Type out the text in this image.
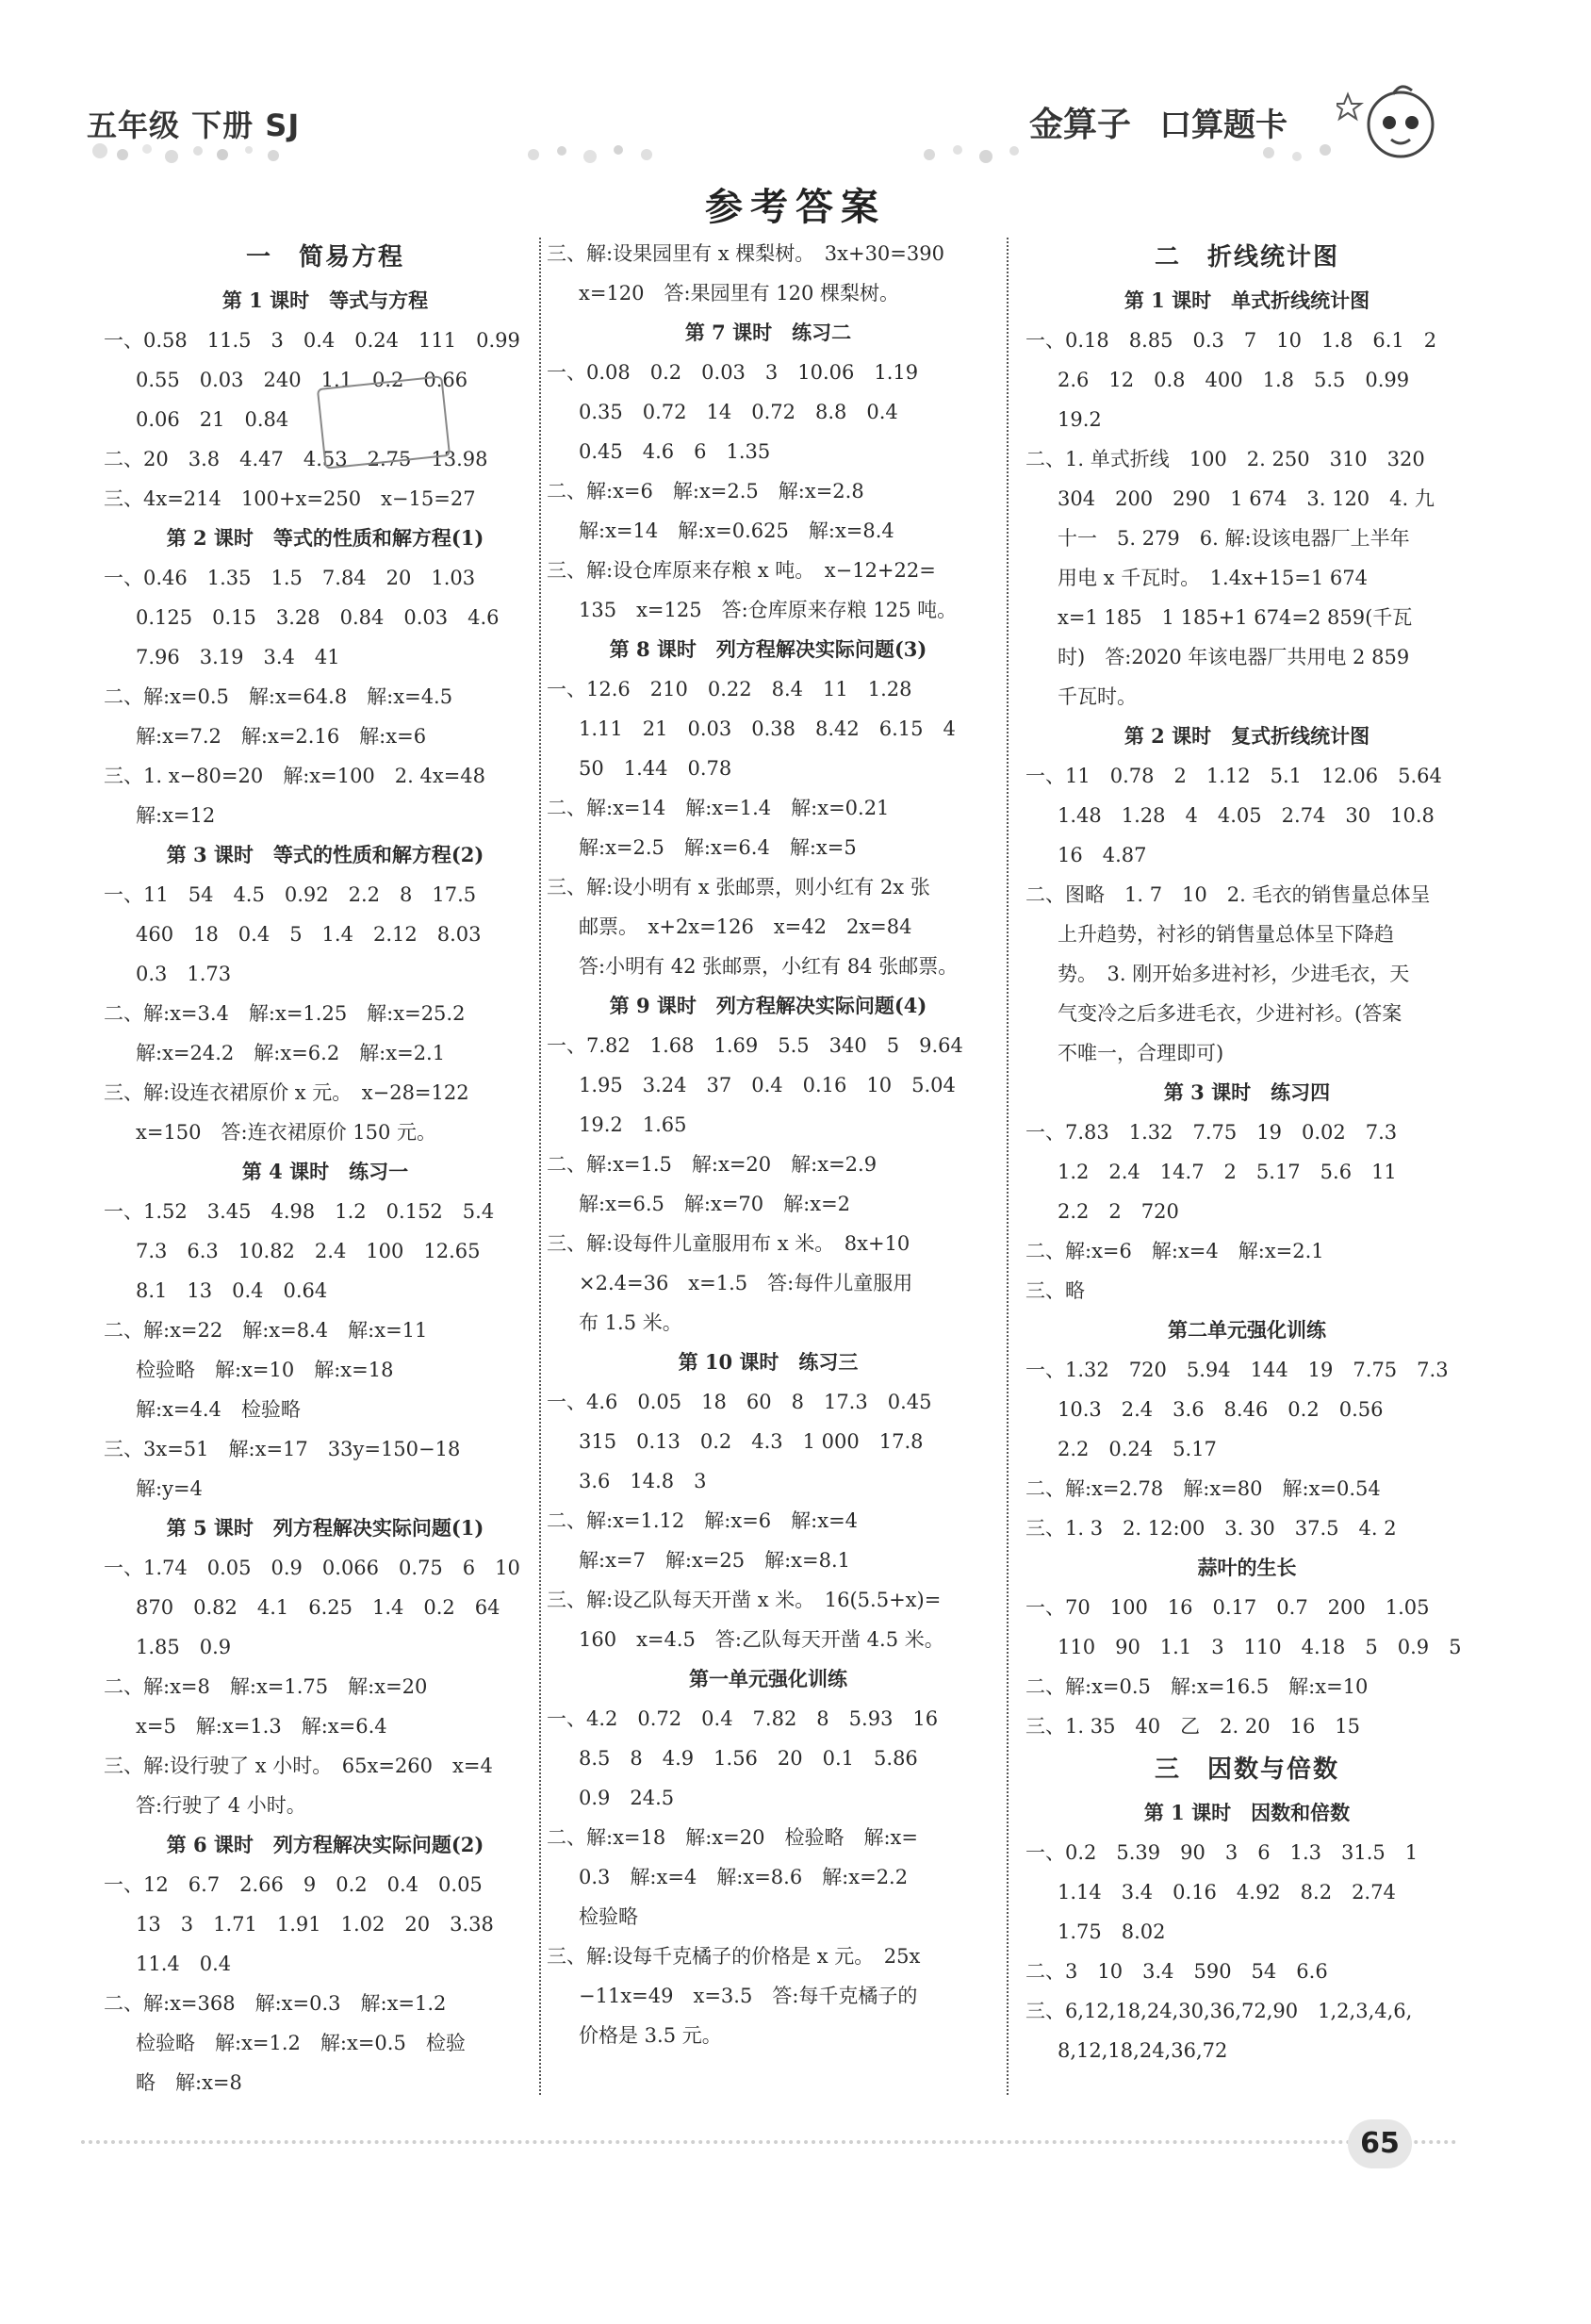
五年级 下册 SJ	金算子 口算题卡
参考答案
一　简易方程
第 1 课时　等式与方程
一、0.58　11.5　3　0.4　0.24　111　0.99
0.55　0.03　240　1.1　0.2　0.66
0.06　21　0.84
二、20　3.8　4.47　4.53　2.75　13.98
三、4x=214　100+x=250　x−15=27
第 2 课时　等式的性质和解方程(1)
一、0.46　1.35　1.5　7.84　20　1.03
0.125　0.15　3.28　0.84　0.03　4.6
7.96　3.19　3.4　41
二、解:x=0.5　解:x=64.8　解:x=4.5
解:x=7.2　解:x=2.16　解:x=6
三、1. x−80=20　解:x=100　2. 4x=48
解:x=12
第 3 课时　等式的性质和解方程(2)
一、11　54　4.5　0.92　2.2　8　17.5
460　18　0.4　5　1.4　2.12　8.03
0.3　1.73
二、解:x=3.4　解:x=1.25　解:x=25.2
解:x=24.2　解:x=6.2　解:x=2.1
三、解:设连衣裙原价 x 元。　x−28=122
x=150　答:连衣裙原价 150 元。
第 4 课时　练习一
一、1.52　3.45　4.98　1.2　0.152　5.4
7.3　6.3　10.82　2.4　100　12.65
8.1　13　0.4　0.64
二、解:x=22　解:x=8.4　解:x=11
检验略　解:x=10　解:x=18
解:x=4.4　检验略
三、3x=51　解:x=17　33y=150−18
解:y=4
第 5 课时　列方程解决实际问题(1)
一、1.74　0.05　0.9　0.066　0.75　6　10
870　0.82　4.1　6.25　1.4　0.2　64
1.85　0.9
二、解:x=8　解:x=1.75　解:x=20
x=5　解:x=1.3　解:x=6.4
三、解:设行驶了 x 小时。　65x=260　x=4
答:行驶了 4 小时。
第 6 课时　列方程解决实际问题(2)
一、12　6.7　2.66　9　0.2　0.4　0.05
13　3　1.71　1.91　1.02　20　3.38
11.4　0.4
二、解:x=368　解:x=0.3　解:x=1.2
检验略　解:x=1.2　解:x=0.5　检验
略　解:x=8
三、解:设果园里有 x 棵梨树。　3x+30=390
x=120　答:果园里有 120 棵梨树。
第 7 课时　练习二
一、0.08　0.2　0.03　3　10.06　1.19
0.35　0.72　14　0.72　8.8　0.4
0.45　4.6　6　1.35
二、解:x=6　解:x=2.5　解:x=2.8
解:x=14　解:x=0.625　解:x=8.4
三、解:设仓库原来存粮 x 吨。　x−12+22=
135　x=125　答:仓库原来存粮 125 吨。
第 8 课时　列方程解决实际问题(3)
一、12.6　210　0.22　8.4　11　1.28
1.11　21　0.03　0.38　8.42　6.15　4
50　1.44　0.78
二、解:x=14　解:x=1.4　解:x=0.21
解:x=2.5　解:x=6.4　解:x=5
三、解:设小明有 x 张邮票，则小红有 2x 张
邮票。　x+2x=126　x=42　2x=84
答:小明有 42 张邮票，小红有 84 张邮票。
第 9 课时　列方程解决实际问题(4)
一、7.82　1.68　1.69　5.5　340　5　9.64
1.95　3.24　37　0.4　0.16　10　5.04
19.2　1.65
二、解:x=1.5　解:x=20　解:x=2.9
解:x=6.5　解:x=70　解:x=2
三、解:设每件儿童服用布 x 米。　8x+10
×2.4=36　x=1.5　答:每件儿童服用
布 1.5 米。
第 10 课时　练习三
一、4.6　0.05　18　60　8　17.3　0.45
315　0.13　0.2　4.3　1 000　17.8
3.6　14.8　3
二、解:x=1.12　解:x=6　解:x=4
解:x=7　解:x=25　解:x=8.1
三、解:设乙队每天开凿 x 米。　16(5.5+x)=
160　x=4.5　答:乙队每天开凿 4.5 米。
第一单元强化训练
一、4.2　0.72　0.4　7.82　8　5.93　16
8.5　8　4.9　1.56　20　0.1　5.86
0.9　24.5
二、解:x=18　解:x=20　检验略　解:x=
0.3　解:x=4　解:x=8.6　解:x=2.2
检验略
三、解:设每千克橘子的价格是 x 元。　25x
−11x=49　x=3.5　答:每千克橘子的
价格是 3.5 元。
二　折线统计图
第 1 课时　单式折线统计图
一、0.18　8.85　0.3　7　10　1.8　6.1　2
2.6　12　0.8　400　1.8　5.5　0.99
19.2
二、1. 单式折线　100　2. 250　310　320
304　200　290　1 674　3. 120　4. 九
十一　5. 279　6. 解:设该电器厂上半年
用电 x 千瓦时。　1.4x+15=1 674
x=1 185　1 185+1 674=2 859(千瓦
时)　答:2020 年该电器厂共用电 2 859
千瓦时。
第 2 课时　复式折线统计图
一、11　0.78　2　1.12　5.1　12.06　5.64
1.48　1.28　4　4.05　2.74　30　10.8
16　4.87
二、图略　1. 7　10　2. 毛衣的销售量总体呈
上升趋势，衬衫的销售量总体呈下降趋
势。　3. 刚开始多进衬衫，少进毛衣，天
气变冷之后多进毛衣，少进衬衫。(答案
不唯一，合理即可)
第 3 课时　练习四
一、7.83　1.32　7.75　19　0.02　7.3
1.2　2.4　14.7　2　5.17　5.6　11
2.2　2　720
二、解:x=6　解:x=4　解:x=2.1
三、略
第二单元强化训练
一、1.32　720　5.94　144　19　7.75　7.3
10.3　2.4　3.6　8.46　0.2　0.56
2.2　0.24　5.17
二、解:x=2.78　解:x=80　解:x=0.54
三、1. 3　2. 12:00　3. 30　37.5　4. 2
蒜叶的生长
一、70　100　16　0.17　0.7　200　1.05
110　90　1.1　3　110　4.18　5　0.9　5
二、解:x=0.5　解:x=16.5　解:x=10
三、1. 35　40　乙　2. 20　16　15
三　因数与倍数
第 1 课时　因数和倍数
一、0.2　5.39　90　3　6　1.3　31.5　1
1.14　3.4　0.16　4.92　8.2　2.74
1.75　8.02
二、3　10　3.4　590　54　6.6
三、6,12,18,24,30,36,72,90　1,2,3,4,6,
8,12,18,24,36,72
65
